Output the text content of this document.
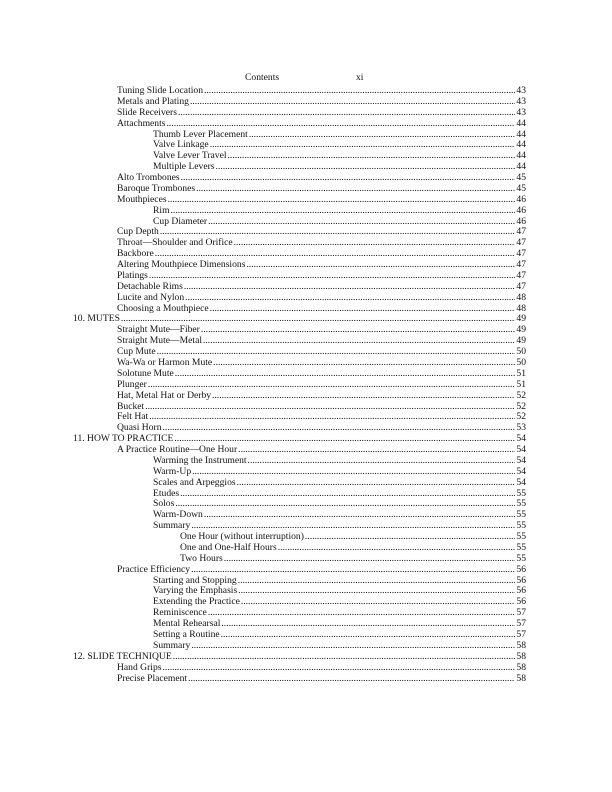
Contents	xi
Tuning Slide Location .....	43
Metals and Plating .....	43
Slide Receivers .....	43
Attachments .....	44
Thumb Lever Placement .....	44
Valve Linkage .....	44
Valve Lever Travel .....	44
Multiple Levers .....	44
Alto Trombones .....	45
Baroque Trombones .....	45
Mouthpieces .....	46
Rim .....	46
Cup Diameter .....	46
Cup Depth .....	47
Throat—Shoulder and Orifice .....	47
Backbore .....	47
Altering Mouthpiece Dimensions .....	47
Platings .....	47
Detachable Rims .....	47
Lucite and Nylon .....	48
Choosing a Mouthpiece .....	48
10. MUTES .....	49
Straight Mute—Fiber .....	49
Straight Mute—Metal .....	49
Cup Mute .....	50
Wa-Wa or Harmon Mute .....	50
Solotune Mute .....	51
Plunger .....	51
Hat, Metal Hat or Derby .....	52
Bucket .....	52
Felt Hat .....	52
Quasi Horn .....	53
11. HOW TO PRACTICE .....	54
A Practice Routine—One Hour .....	54
Warming the Instrument .....	54
Warm-Up .....	54
Scales and Arpeggios .....	54
Etudes .....	55
Solos .....	55
Warm-Down .....	55
Summary .....	55
One Hour (without interruption) .....	55
One and One-Half Hours .....	55
Two Hours .....	55
Practice Efficiency .....	56
Starting and Stopping .....	56
Varying the Emphasis .....	56
Extending the Practice .....	56
Reminiscence .....	57
Mental Rehearsal .....	57
Setting a Routine .....	57
Summary .....	58
12. SLIDE TECHNIQUE .....	58
Hand Grips .....	58
Precise Placement .....	58
